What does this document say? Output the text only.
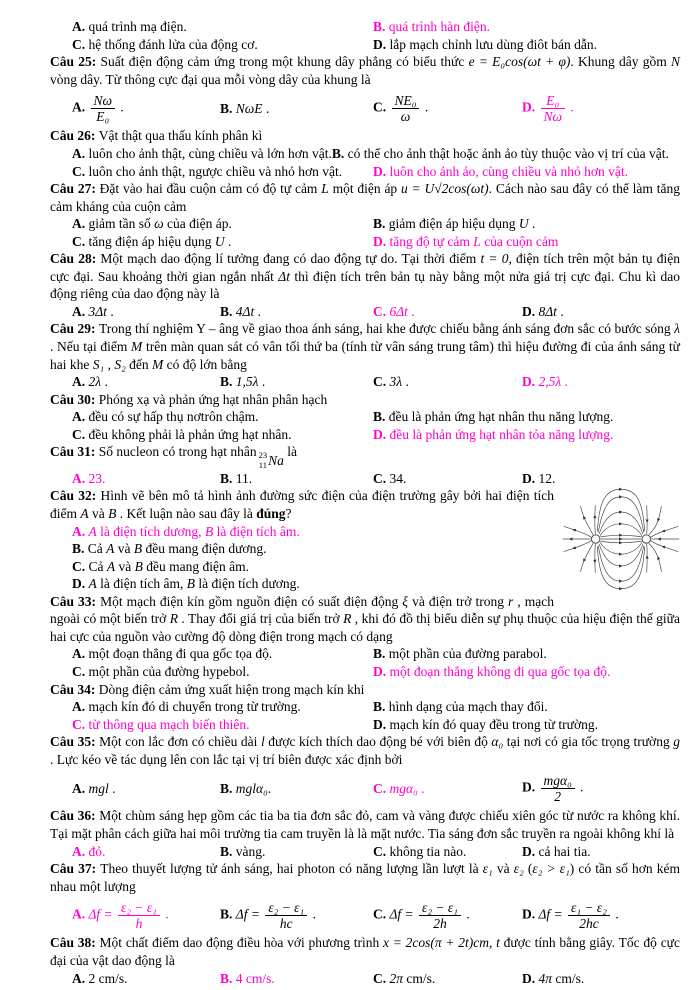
A. quá trình mạ điện.	B. quá trình hàn điện.
C. hệ thống đánh lửa của động cơ.	D. lắp mạch chỉnh lưu dùng điôt bán dẫn.

Câu 25: Suất điện động cảm ứng trong một khung dây phẳng có biểu thức e = E₀cos(ωt + φ). Khung dây gồm N vòng dây. Từ thông cực đại qua mỗi vòng dây của khung là

A. $\frac{N\omega}{\text{E₀}}$ .	B. NωE .	C. $\frac{\text{NE₀}}{\omega}$ .	D. $\frac{\text{E₀}}{N\omega}$ .

Câu 26: Vật thật qua thấu kính phân kì

A. luôn cho ảnh thật, cùng chiều và lớn hơn vật.B. có thể cho ảnh thật hoặc ảnh ảo tùy thuộc vào vị trí của vật.
C. luôn cho ảnh thật, ngược chiều và nhỏ hơn vật.	D. luôn cho ảnh ảo, cùng chiều và nhỏ hơn vật.

Câu 27: Đặt vào hai đầu cuộn cảm có độ tự cảm L một điện áp u = U√2cos(ωt). Cách nào sau đây có thể làm tăng cảm kháng của cuộn cảm

A. giảm tần số ω của điện áp.	B. giảm điện áp hiệu dụng U .
C. tăng điện áp hiệu dụng U .	D. tăng độ tự cảm L của cuộn cảm

Câu 28: Một mạch dao động lí tưởng đang có dao động tự do. Tại thời điểm t = 0, điện tích trên một bản tụ điện cực đại. Sau khoảng thời gian ngắn nhất Δt thì điện tích trên bản tụ này bằng một nửa giá trị cực đại. Chu kì dao động riêng của dao động này là

A. 3Δt .	B. 4Δt .	C. 6Δt .	D. 8Δt .

Câu 29: Trong thí nghiệm Y – âng về giao thoa ánh sáng, hai khe được chiếu bằng ánh sáng đơn sắc có bước sóng λ . Nếu tại điểm M trên màn quan sát có vân tối thứ ba (tính từ vân sáng trung tâm) thì hiệu đường đi của ánh sáng từ hai khe S₁ , S₂ đến M có độ lớn bằng

A. 2λ .	B. 1,5λ .	C. 3λ .	D. 2,5λ .

Câu 30: Phóng xạ và phản ứng hạt nhân phân hạch

A. đều có sự hấp thụ nơtrôn chậm.	B. đều là phản ứng hạt nhân thu năng lượng.
C. đều không phải là phản ứng hạt nhân.	D. đều là phản ứng hạt nhân tỏa năng lượng.

Câu 31: Số nucleon có trong hạt nhân 23
11 Na
là

A. 23.	B. 11.	C. 34.	D. 12.

Câu 32: Hình vẽ bên mô tả hình ảnh đường sức điện của điện trường gây bởi hai điện tích điểm A và B . Kết luận nào sau đây là đúng?

A. A là điện tích dương, B là điện tích âm.
B. Cả A và B đều mang điện dương.
C. Cả A và B đều mang điện âm.
D. A là điện tích âm, B là điện tích dương.

Câu 33: Một mạch điện kín gồm nguồn điện có suất điện động ξ và điện trở trong r , mạch ngoài có một biến trở R . Thay đổi giá trị của biến trở R , khi đó đồ thị biểu diễn sự phụ thuộc của hiệu điện thế giữa hai cực của nguồn vào cường độ dòng điện trong mạch có dạng

A. một đoạn thẳng đi qua gốc tọa độ.	B. một phần của đường parabol.
C. một phần của đường hypebol.	D. một đoạn thẳng không đi qua gốc tọa độ.

Câu 34: Dòng điện cảm ứng xuất hiện trong mạch kín khi

A. mạch kín đó di chuyển trong từ trường.	B. hình dạng của mạch thay đổi.
C. từ thông qua mạch biến thiên.	D. mạch kín đó quay đều trong từ trường.

Câu 35: Một con lắc đơn có chiều dài l được kích thích dao động bé với biên độ α₀ tại nơi có gia tốc trọng trường g . Lực kéo về tác dụng lên con lắc tại vị trí biên được xác định bởi

A. mgl .	B. mglα₀.	C. mgα₀ .	D. $\frac{\text{mgα₀}}{2}$ .

Câu 36: Một chùm sáng hẹp gồm các tia ba tia đơn sắc đỏ, cam và vàng được chiếu xiên góc từ nước ra không khí. Tại mặt phân cách giữa hai môi trường tia cam truyền là là mặt nước. Tia sáng đơn sắc truyền ra ngoài không khí là

A. đỏ.	B. vàng.	C. không tia nào.	D. cả hai tia.

Câu 37: Theo thuyết lượng tử ánh sáng, hai photon có năng lượng lần lượt là ε₁ và ε₂ (ε₂ > ε₁) có tần số hơn kém nhau một lượng

A. $\Delta f = \frac{\text{ε₂ − ε₁}}{h}$ .	B. $\Delta f = \frac{\text{ε₂ − ε₁}}{hc}$ .	C. $\Delta f = \frac{\text{ε₂ − ε₁}}{2h}$ .	D. $\Delta f = \frac{\text{ε₁ − ε₂}}{2hc}$ .

Câu 38: Một chất điểm dao động điều hòa với phương trình x = 2cos(π + 2t)cm, t được tính bằng giây. Tốc độ cực đại của vật dao động là

A. 2 cm/s.	B. 4 cm/s.	C. 2π cm/s.	D. 4π cm/s.
